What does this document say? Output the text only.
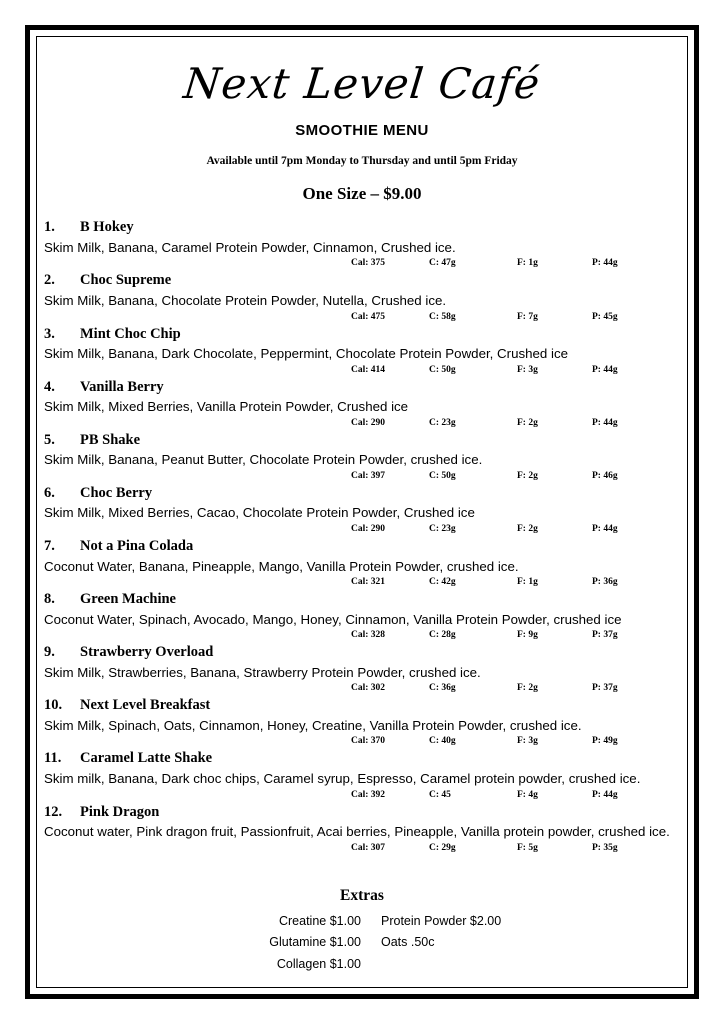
Next Level Café
SMOOTHIE MENU
Available until 7pm Monday to Thursday and until 5pm Friday
One Size – $9.00
1. B Hokey
Skim Milk, Banana, Caramel Protein Powder, Cinnamon, Crushed ice.
Cal: 375	C: 47g	F: 1g	P: 44g
2. Choc Supreme
Skim Milk, Banana, Chocolate Protein Powder, Nutella, Crushed ice.
Cal: 475	C: 58g	F: 7g	P: 45g
3. Mint Choc Chip
Skim Milk, Banana, Dark Chocolate, Peppermint, Chocolate Protein Powder, Crushed ice
Cal: 414	C: 50g	F: 3g	P: 44g
4. Vanilla Berry
Skim Milk, Mixed Berries, Vanilla Protein Powder, Crushed ice
Cal: 290	C: 23g	F: 2g	P: 44g
5. PB Shake
Skim Milk, Banana, Peanut Butter, Chocolate Protein Powder, crushed ice.
Cal: 397	C: 50g	F: 2g	P: 46g
6. Choc Berry
Skim Milk, Mixed Berries, Cacao, Chocolate Protein Powder, Crushed ice
Cal: 290	C: 23g	F: 2g	P: 44g
7. Not a Pina Colada
Coconut Water, Banana, Pineapple, Mango, Vanilla Protein Powder, crushed ice.
Cal: 321	C: 42g	F: 1g	P: 36g
8. Green Machine
Coconut Water, Spinach, Avocado, Mango, Honey, Cinnamon, Vanilla Protein Powder, crushed ice
Cal: 328	C: 28g	F: 9g	P: 37g
9. Strawberry Overload
Skim Milk, Strawberries, Banana, Strawberry Protein Powder, crushed ice.
Cal: 302	C: 36g	F: 2g	P: 37g
10. Next Level Breakfast
Skim Milk, Spinach, Oats, Cinnamon, Honey, Creatine, Vanilla Protein Powder, crushed ice.
Cal: 370	C: 40g	F: 3g	P: 49g
11. Caramel Latte Shake
Skim milk, Banana, Dark choc chips, Caramel syrup, Espresso, Caramel protein powder, crushed ice.
Cal: 392	C: 45	F: 4g	P: 44g
12. Pink Dragon
Coconut water, Pink dragon fruit, Passionfruit, Acai berries, Pineapple, Vanilla protein powder, crushed ice.
Cal: 307	C: 29g	F: 5g	P: 35g
Extras
Creatine $1.00	Protein Powder $2.00
Glutamine $1.00	Oats .50c
Collagen $1.00
